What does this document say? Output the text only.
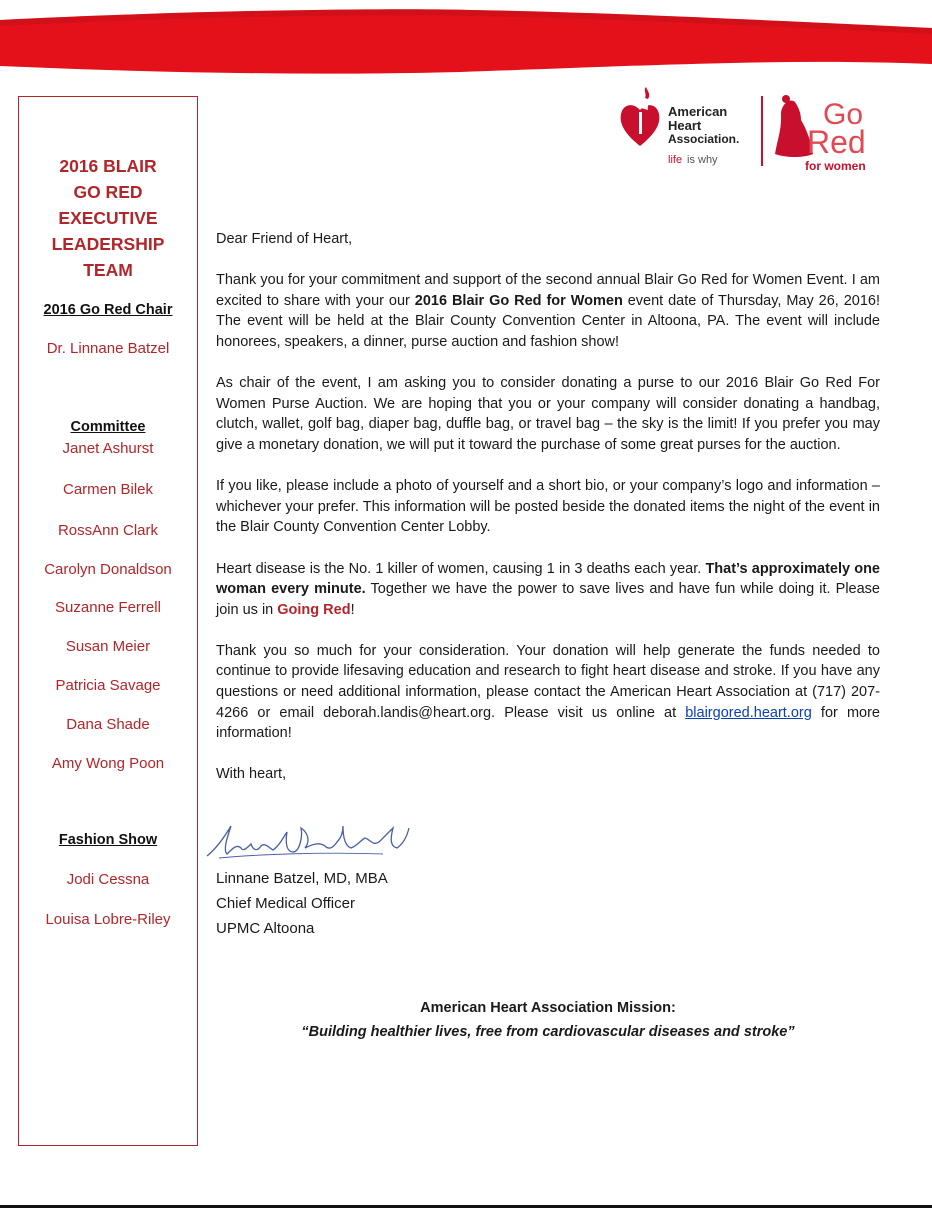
American
Heart
Association.
life is why
Go
Red
for women
2016 BLAIR
GO RED
EXECUTIVE
LEADERSHIP
TEAM
2016 Go Red Chair
Dr. Linnane Batzel
Committee
Janet Ashurst
Carmen Bilek
RossAnn Clark
Carolyn Donaldson
Suzanne Ferrell
Susan Meier
Patricia Savage
Dana Shade
Amy Wong Poon
Fashion Show
Jodi Cessna
Louisa Lobre-Riley

Dear Friend of Heart,

Thank you for your commitment and support of the second annual Blair Go Red for Women Event. I am excited to share with your our 2016 Blair Go Red for Women event date of Thursday, May 26, 2016! The event will be held at the Blair County Convention Center in Altoona, PA. The event will include honorees, speakers, a dinner, purse auction and fashion show!

As chair of the event, I am asking you to consider donating a purse to our 2016 Blair Go Red For Women Purse Auction. We are hoping that you or your company will consider donating a handbag, clutch, wallet, golf bag, diaper bag, duffle bag, or travel bag – the sky is the limit! If you prefer you may give a monetary donation, we will put it toward the purchase of some great purses for the auction.

If you like, please include a photo of yourself and a short bio, or your company’s logo and information – whichever your prefer. This information will be posted beside the donated items the night of the event in the Blair County Convention Center Lobby.

Heart disease is the No. 1 killer of women, causing 1 in 3 deaths each year. That’s approximately one woman every minute. Together we have the power to save lives and have fun while doing it. Please join us in Going Red!

Thank you so much for your consideration. Your donation will help generate the funds needed to continue to provide lifesaving education and research to fight heart disease and stroke. If you have any questions or need additional information, please contact the American Heart Association at (717) 207-4266 or email deborah.landis@heart.org. Please visit us online at blairgored.heart.org for more information!

With heart,

Linnane Batzel, MD, MBA
Chief Medical Officer
UPMC Altoona
American Heart Association Mission:
“Building healthier lives, free from cardiovascular diseases and stroke”
